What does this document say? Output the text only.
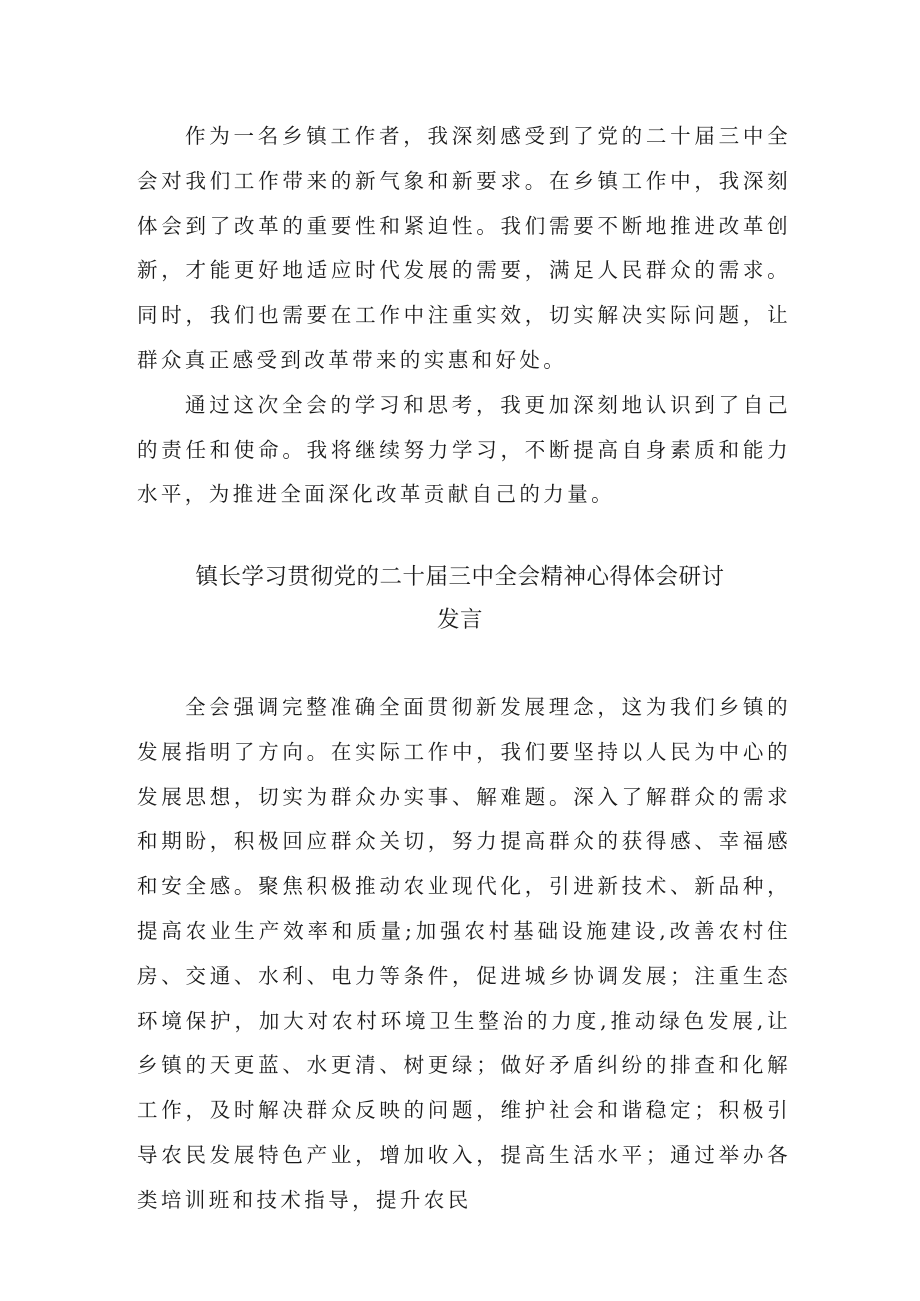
作为一名乡镇工作者，我深刻感受到了党的二十届三中全会对我们工作带来的新气象和新要求。在乡镇工作中，我深刻体会到了改革的重要性和紧迫性。我们需要不断地推进改革创新，才能更好地适应时代发展的需要，满足人民群众的需求。同时，我们也需要在工作中注重实效，切实解决实际问题，让群众真正感受到改革带来的实惠和好处。

通过这次全会的学习和思考，我更加深刻地认识到了自己的责任和使命。我将继续努力学习，不断提高自身素质和能力水平，为推进全面深化改革贡献自己的力量。

镇长学习贯彻党的二十届三中全会精神心得体会研讨
发言

全会强调完整准确全面贯彻新发展理念，这为我们乡镇的发展指明了方向。在实际工作中，我们要坚持以人民为中心的发展思想，切实为群众办实事、解难题。深入了解群众的需求和期盼，积极回应群众关切，努力提高群众的获得感、幸福感和安全感。聚焦积极推动农业现代化，引进新技术、新品种，提高农业生产效率和质量;加强农村基础设施建设,改善农村住房、交通、水利、电力等条件，促进城乡协调发展；注重生态环境保护，加大对农村环境卫生整治的力度,推动绿色发展,让乡镇的天更蓝、水更清、树更绿；做好矛盾纠纷的排查和化解工作，及时解决群众反映的问题，维护社会和谐稳定；积极引导农民发展特色产业，增加收入，提高生活水平；通过举办各类培训班和技术指导，提升农民
